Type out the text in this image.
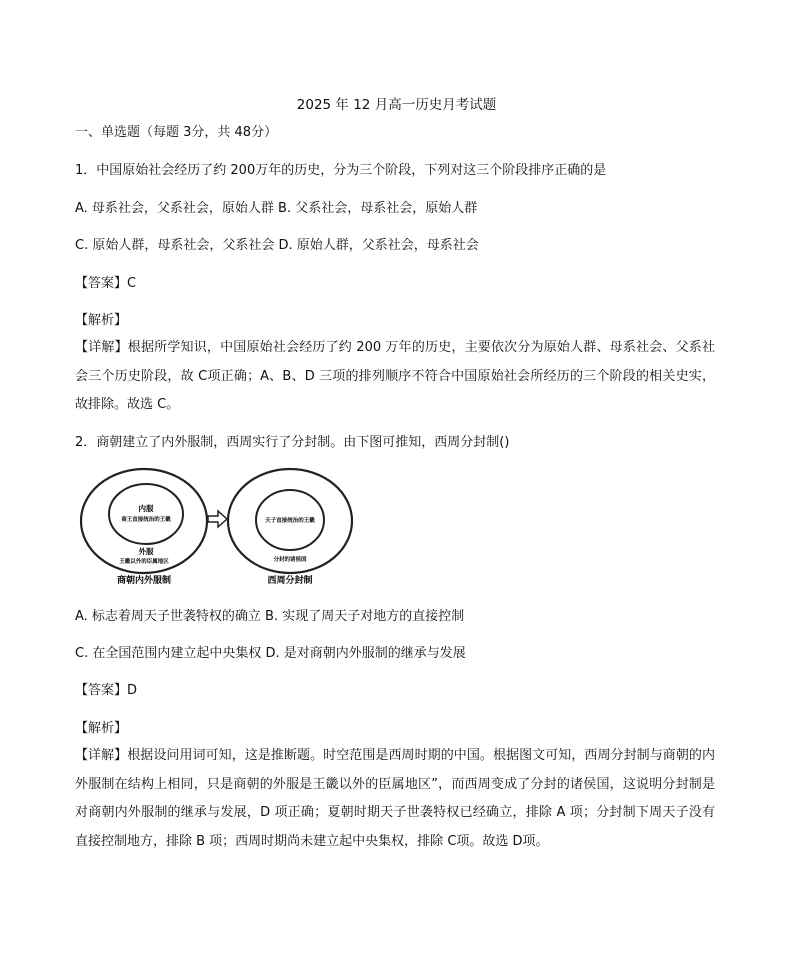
2025 年 12 月高一历史月考试题
一、单选题（每题 3分，共 48分）
1．中国原始社会经历了约 200万年的历史，分为三个阶段，下列对这三个阶段排序正确的是
A. 母系社会，父系社会，原始人群 B. 父系社会，母系社会，原始人群
C. 原始人群，母系社会，父系社会 D. 原始人群，父系社会，母系社会
【答案】C
【解析】
【详解】根据所学知识，中国原始社会经历了约 200 万年的历史，主要依次分为原始人群、母系社会、父系社会三个历史阶段，故 C项正确；A、B、D 三项的排列顺序不符合中国原始社会所经历的三个阶段的相关史实，故排除。故选 C。
2．商朝建立了内外服制，西周实行了分封制。由下图可推知，西周分封制()
内服
商王直接统治的王畿
外服
王畿以外的臣属地区
商朝内外服制
天子直接统治的王畿
分封的诸侯国
西周分封制
A. 标志着周天子世袭特权的确立 B. 实现了周天子对地方的直接控制
C. 在全国范围内建立起中央集权 D. 是对商朝内外服制的继承与发展
【答案】D
【解析】
【详解】根据设问用词可知，这是推断题。时空范围是西周时期的中国。根据图文可知，西周分封制与商朝的内外服制在结构上相同，只是商朝的外服是王畿以外的臣属地区”，而西周变成了分封的诸侯国，这说明分封制是对商朝内外服制的继承与发展，D 项正确；夏朝时期天子世袭特权已经确立，排除 A 项；分封制下周天子没有直接控制地方，排除 B 项；西周时期尚未建立起中央集权，排除 C项。故选 D项。
